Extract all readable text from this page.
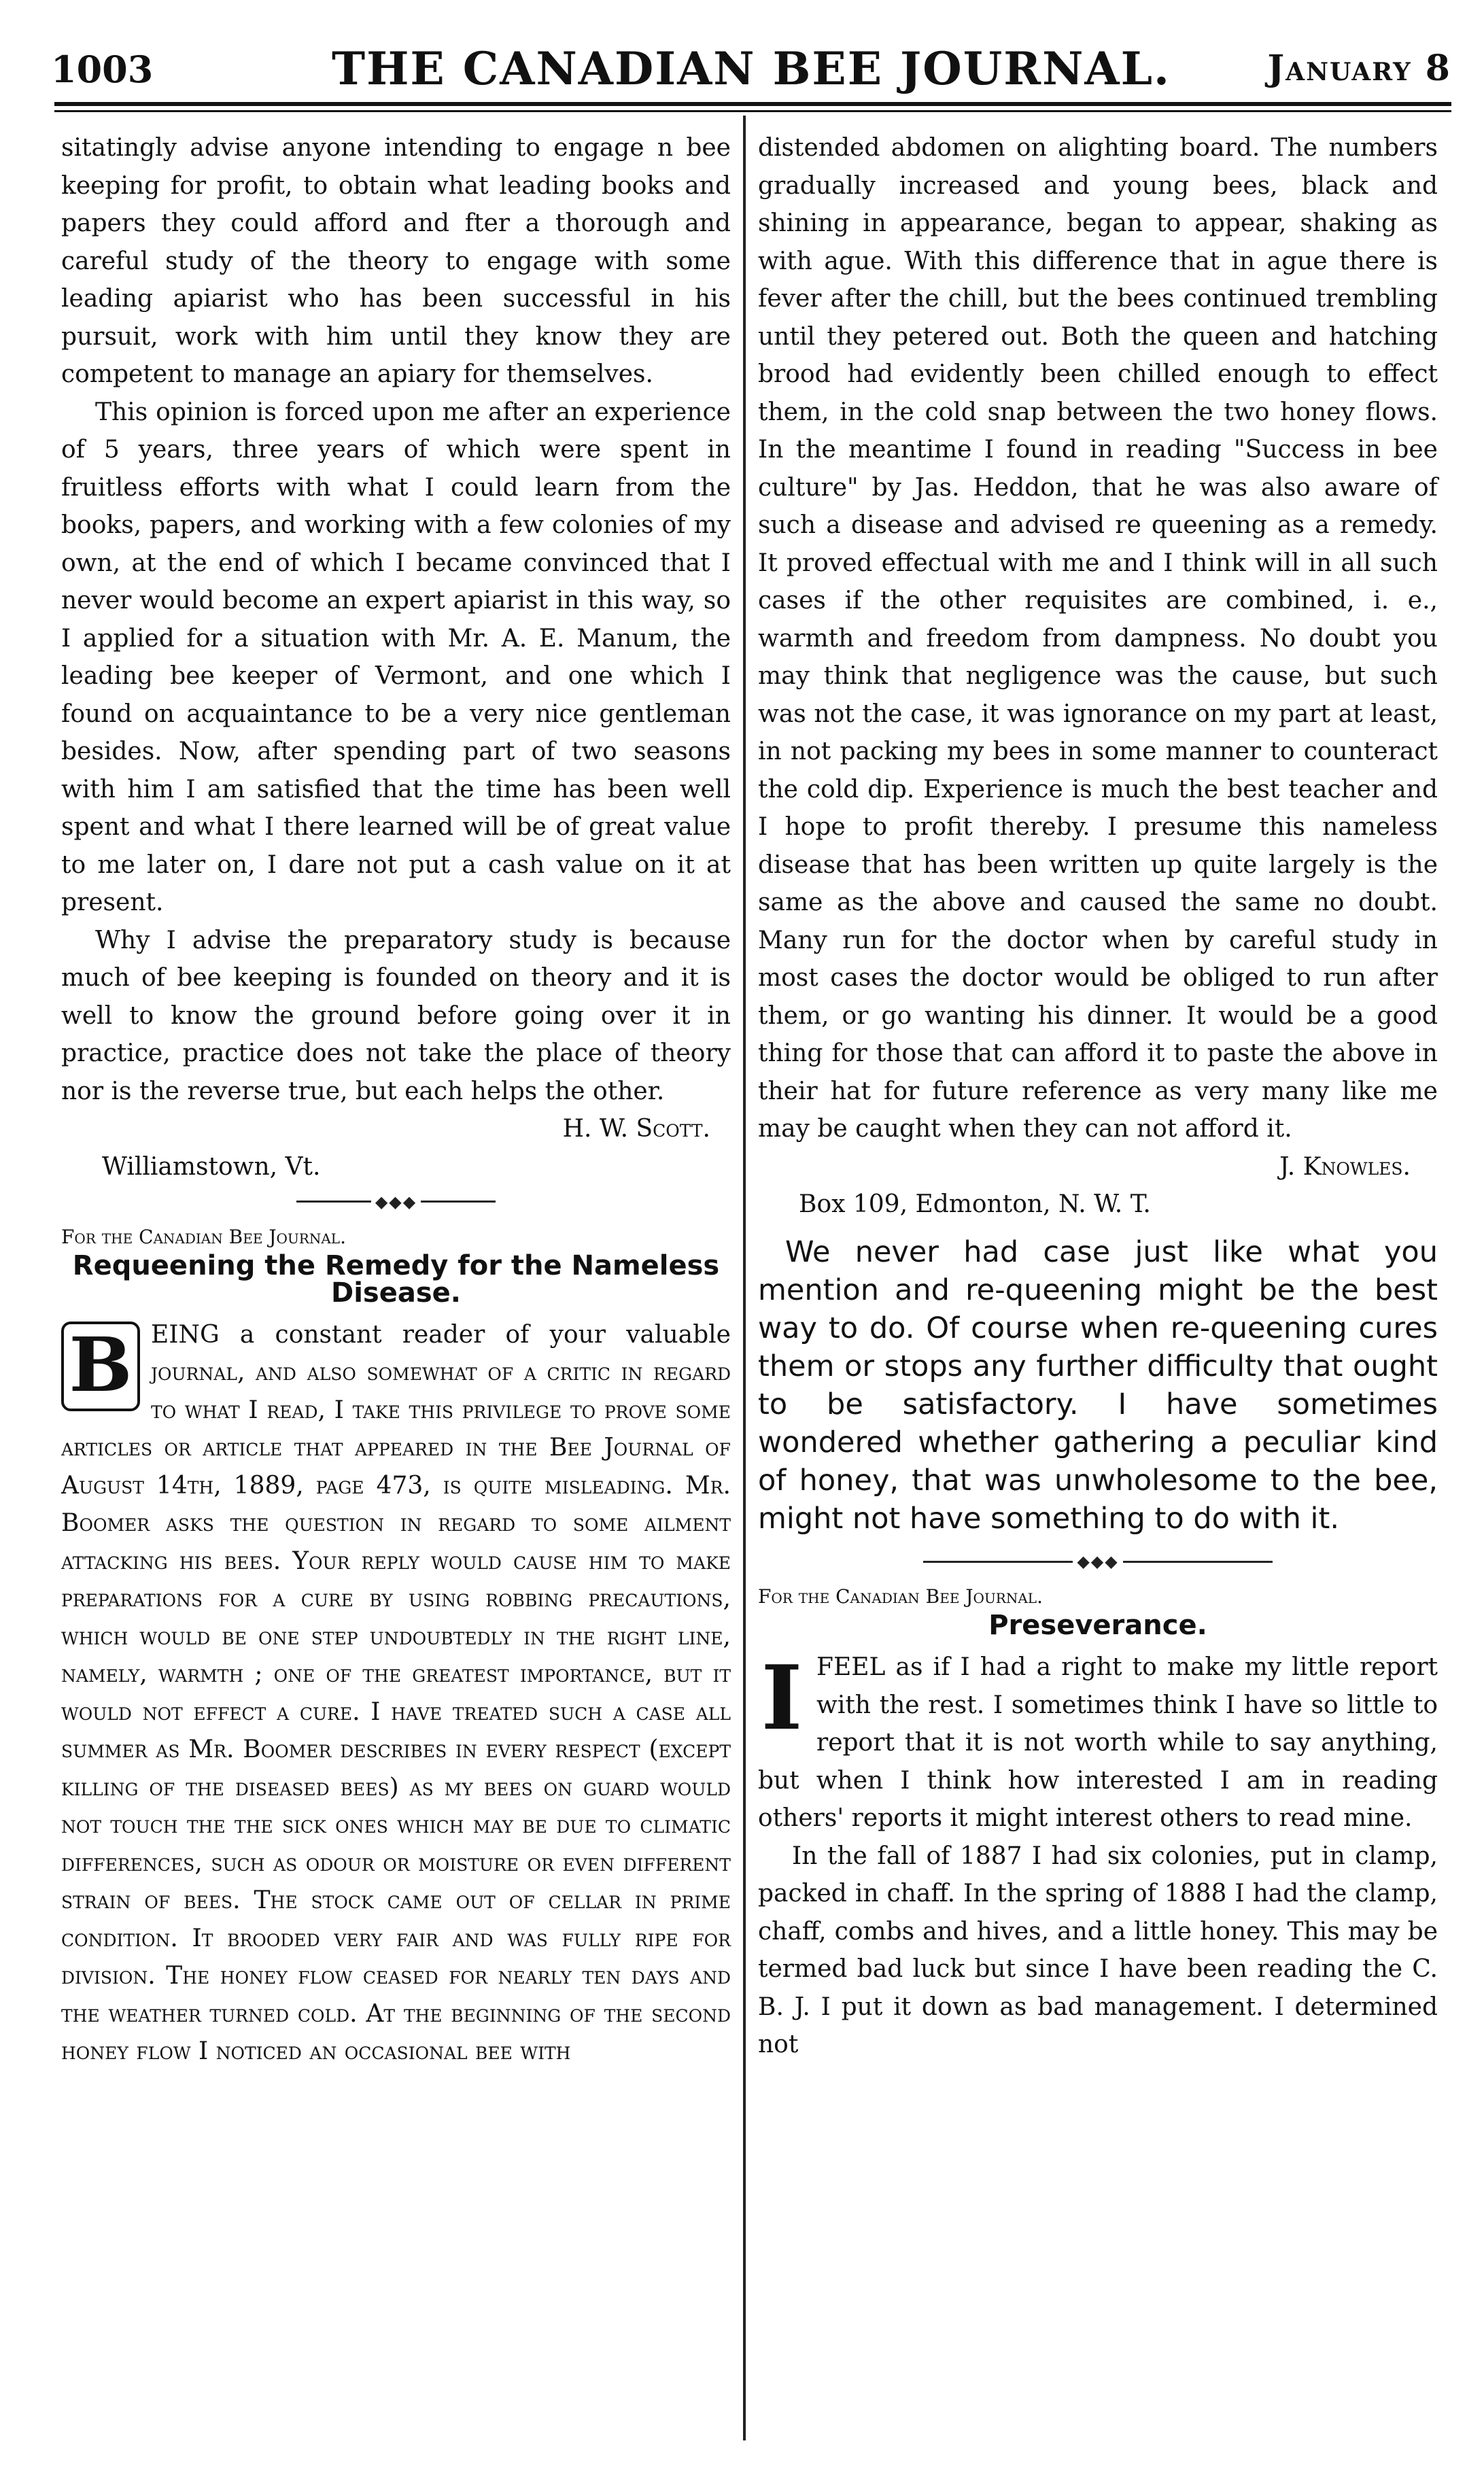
1003	THE CANADIAN BEE JOURNAL.	January 8

sitatingly advise anyone intending to engage n bee keeping for profit, to obtain what leading books and papers they could afford and fter a thorough and careful study of the theory to engage with some leading apiarist who has been successful in his pursuit, work with him until they know they are competent to manage an apiary for themselves.

This opinion is forced upon me after an experience of 5 years, three years of which were spent in fruitless efforts with what I could learn from the books, papers, and working with a few colonies of my own, at the end of which I became convinced that I never would become an expert apiarist in this way, so I applied for a situation with Mr. A. E. Manum, the leading bee keeper of Vermont, and one which I found on acquaintance to be a very nice gentleman besides. Now, after spending part of two seasons with him I am satisfied that the time has been well spent and what I there learned will be of great value to me later on, I dare not put a cash value on it at present.

Why I advise the preparatory study is because much of bee keeping is founded on theory and it is well to know the ground before going over it in practice, practice does not take the place of theory nor is the reverse true, but each helps the other.

H. W. Scott.

Williamstown, Vt.

◆◆◆
For the Canadian Bee Journal.
Requeening the Remedy for the Nameless Disease.

B EING a constant reader of your valuable journal, and also somewhat of a critic in regard to what I read, I take this privilege to prove some articles or article that appeared in the Bee Journal of August 14th, 1889, page 473, is quite misleading. Mr. Boomer asks the question in regard to some ailment attacking his bees. Your reply would cause him to make preparations for a cure by using robbing precautions, which would be one step undoubtedly in the right line, namely, warmth ; one of the greatest importance, but it would not effect a cure. I have treated such a case all summer as Mr. Boomer describes in every respect (except killing of the diseased bees) as my bees on guard would not touch the the sick ones which may be due to climatic differences, such as odour or moisture or even different strain of bees. The stock came out of cellar in prime condition. It brooded very fair and was fully ripe for division. The honey flow ceased for nearly ten days and the weather turned cold. At the beginning of the second honey flow I noticed an occasional bee with

distended abdomen on alighting board. The numbers gradually increased and young bees, black and shining in appearance, began to appear, shaking as with ague. With this difference that in ague there is fever after the chill, but the bees continued trembling until they petered out. Both the queen and hatching brood had evidently been chilled enough to effect them, in the cold snap between the two honey flows. In the meantime I found in reading "Success in bee culture" by Jas. Heddon, that he was also aware of such a disease and advised re queening as a remedy. It proved effectual with me and I think will in all such cases if the other requisites are combined, i. e., warmth and freedom from dampness. No doubt you may think that negligence was the cause, but such was not the case, it was ignorance on my part at least, in not packing my bees in some manner to counteract the cold dip. Experience is much the best teacher and I hope to profit thereby. I presume this nameless disease that has been written up quite largely is the same as the above and caused the same no doubt. Many run for the doctor when by careful study in most cases the doctor would be obliged to run after them, or go wanting his dinner. It would be a good thing for those that can afford it to paste the above in their hat for future reference as very many like me may be caught when they can not afford it.

J. Knowles.

Box 109, Edmonton, N. W. T.

We never had case just like what you mention and re-queening might be the best way to do. Of course when re-queening cures them or stops any further difficulty that ought to be satisfactory. I have sometimes wondered whether gathering a peculiar kind of honey, that was unwholesome to the bee, might not have something to do with it.

◆◆◆
For the Canadian Bee Journal.
Preseverance.

I FEEL as if I had a right to make my little report with the rest. I sometimes think I have so little to report that it is not worth while to say anything, but when I think how interested I am in reading others' reports it might interest others to read mine.

In the fall of 1887 I had six colonies, put in clamp, packed in chaff. In the spring of 1888 I had the clamp, chaff, combs and hives, and a little honey. This may be termed bad luck but since I have been reading the C. B. J. I put it down as bad management. I determined not
